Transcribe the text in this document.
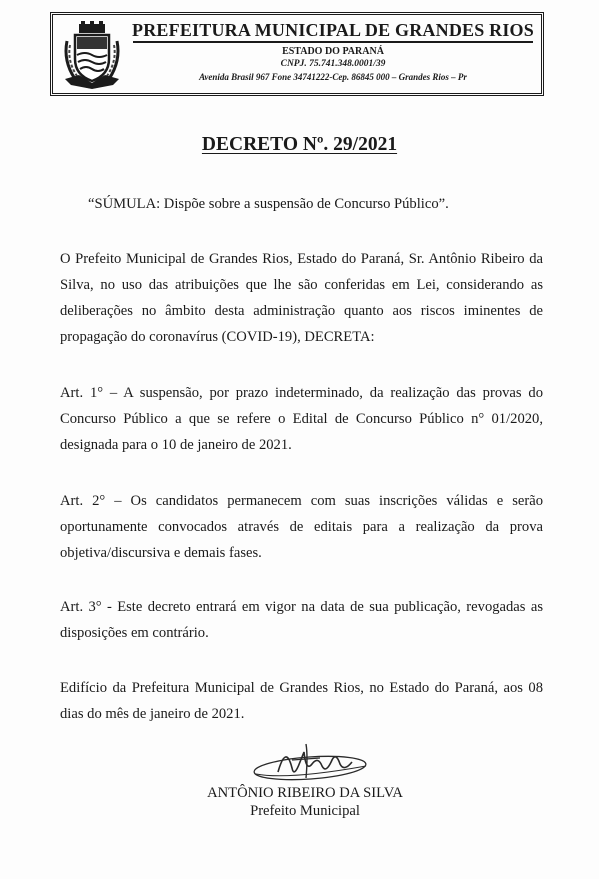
PREFEITURA MUNICIPAL DE GRANDES RIOS
ESTADO DO PARANÁ
CNPJ. 75.741.348.0001/39
Avenida Brasil 967 Fone 34741222-Cep. 86845 000 – Grandes Rios – Pr
DECRETO Nº. 29/2021

“SÚMULA: Dispõe sobre a suspensão de Concurso Público”.

O Prefeito Municipal de Grandes Rios, Estado do Paraná, Sr. Antônio Ribeiro da Silva, no uso das atribuições que lhe são conferidas em Lei, considerando as deliberações no âmbito desta administração quanto aos riscos iminentes de propagação do coronavírus (COVID-19), DECRETA:

Art. 1° – A suspensão, por prazo indeterminado, da realização das provas do Concurso Público a que se refere o Edital de Concurso Público n° 01/2020, designada para o 10 de janeiro de 2021.

Art. 2° – Os candidatos permanecem com suas inscrições válidas e serão oportunamente convocados através de editais para a realização da prova objetiva/discursiva e demais fases.

Art. 3° - Este decreto entrará em vigor na data de sua publicação, revogadas as disposições em contrário.

Edifício da Prefeitura Municipal de Grandes Rios, no Estado do Paraná, aos 08 dias do mês de janeiro de 2021.

ANTÔNIO RIBEIRO DA SILVA
Prefeito Municipal
